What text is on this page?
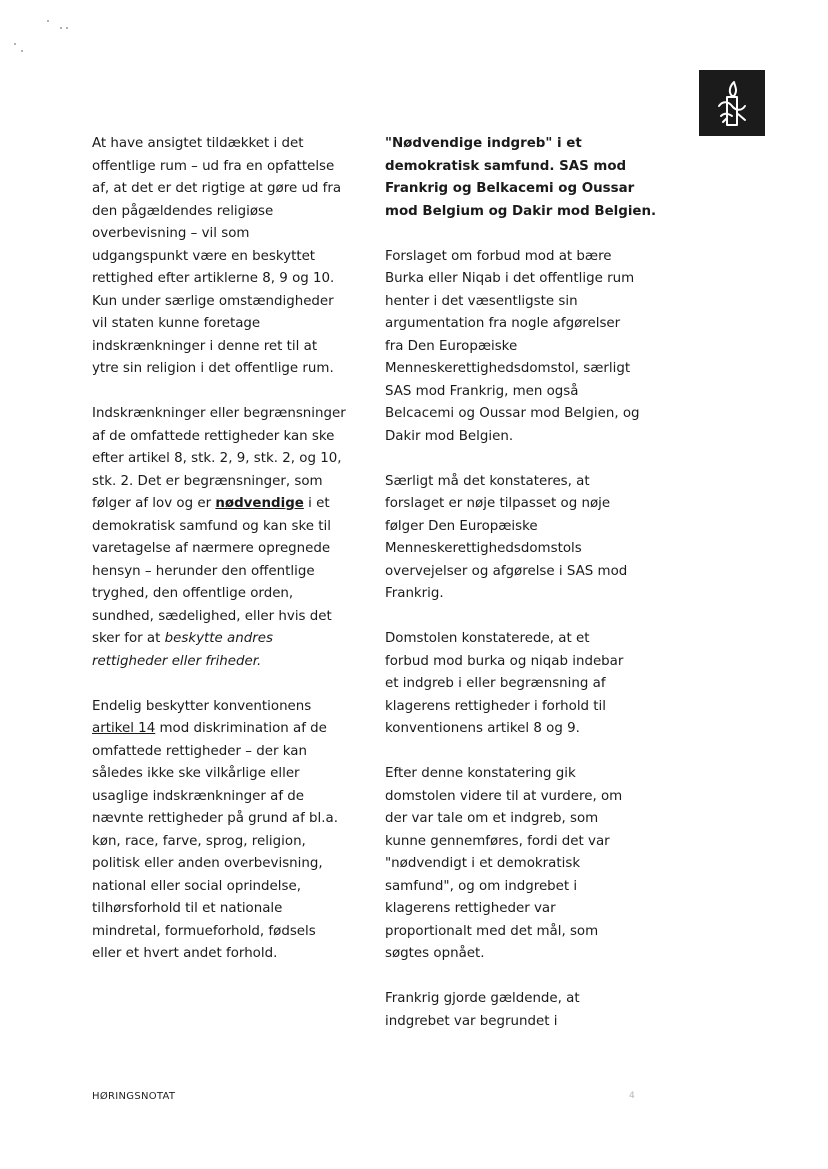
At have ansigtet tildækket i det
offentlige rum – ud fra en opfattelse
af, at det er det rigtige at gøre ud fra
den pågældendes religiøse
overbevisning – vil som
udgangspunkt være en beskyttet
rettighed efter artiklerne 8, 9 og 10.
Kun under særlige omstændigheder
vil staten kunne foretage
indskrænkninger i denne ret til at
ytre sin religion i det offentlige rum.
Indskrænkninger eller begrænsninger
af de omfattede rettigheder kan ske
efter artikel 8, stk. 2, 9, stk. 2, og 10,
stk. 2. Det er begrænsninger, som
følger af lov og er nødvendige i et
demokratisk samfund og kan ske til
varetagelse af nærmere opregnede
hensyn – herunder den offentlige
tryghed, den offentlige orden,
sundhed, sædelighed, eller hvis det
sker for at beskytte andres
rettigheder eller friheder.
Endelig beskytter konventionens
artikel 14 mod diskrimination af de
omfattede rettigheder – der kan
således ikke ske vilkårlige eller
usaglige indskrænkninger af de
nævnte rettigheder på grund af bl.a.
køn, race, farve, sprog, religion,
politisk eller anden overbevisning,
national eller social oprindelse,
tilhørsforhold til et nationale
mindretal, formueforhold, fødsels
eller et hvert andet forhold.
"Nødvendige indgreb" i et
demokratisk samfund. SAS mod
Frankrig og Belkacemi og Oussar
mod Belgium og Dakir mod Belgien.
Forslaget om forbud mod at bære
Burka eller Niqab i det offentlige rum
henter i det væsentligste sin
argumentation fra nogle afgørelser
fra Den Europæiske
Menneskerettighedsdomstol, særligt
SAS mod Frankrig, men også
Belcacemi og Oussar mod Belgien, og
Dakir mod Belgien.
Særligt må det konstateres, at
forslaget er nøje tilpasset og nøje
følger Den Europæiske
Menneskerettighedsdomstols
overvejelser og afgørelse i SAS mod
Frankrig.
Domstolen konstaterede, at et
forbud mod burka og niqab indebar
et indgreb i eller begrænsning af
klagerens rettigheder i forhold til
konventionens artikel 8 og 9.
Efter denne konstatering gik
domstolen videre til at vurdere, om
der var tale om et indgreb, som
kunne gennemføres, fordi det var
"nødvendigt i et demokratisk
samfund", og om indgrebet i
klagerens rettigheder var
proportionalt med det mål, som
søgtes opnået.
Frankrig gjorde gældende, at
indgrebet var begrundet i
HØRINGSNOTAT	4
